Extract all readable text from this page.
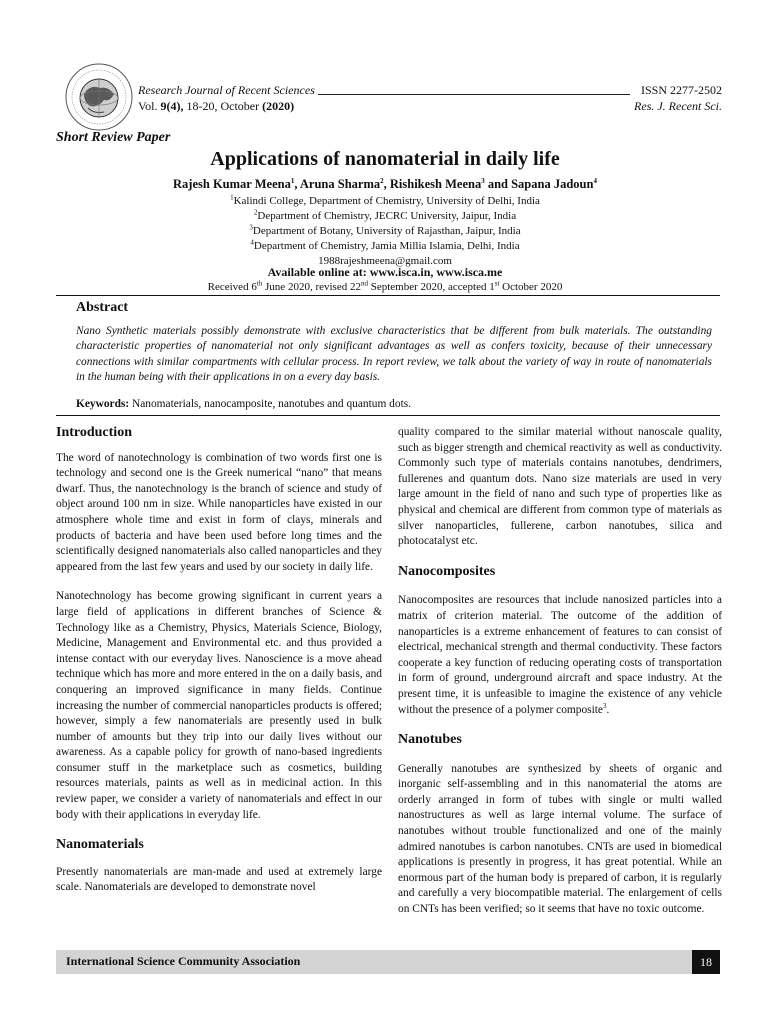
Research Journal of Recent Sciences
Vol. 9(4), 18-20, October (2020)
ISSN 2277-2502
Res. J. Recent Sci.
Short Review Paper
Applications of nanomaterial in daily life
Rajesh Kumar Meena$^1$, Aruna Sharma$^2$, Rishikesh Meena$^3$ and Sapana Jadoun$^4$
$^1$Kalindi College, Department of Chemistry, University of Delhi, India
$^2$Department of Chemistry, JECRC University, Jaipur, India
$^3$Department of Botany, University of Rajasthan, Jaipur, India
$^4$Department of Chemistry, Jamia Millia Islamia, Delhi, India
1988rajeshmeena@gmail.com
Available online at: www.isca.in, www.isca.me
Received 6th June 2020, revised 22nd September 2020, accepted 1st October 2020
Abstract
Nano Synthetic materials possibly demonstrate with exclusive characteristics that be different from bulk materials. The outstanding characteristic properties of nanomaterial not only significant advantages as well as confers toxicity, because of their unnecessary connections with similar compartments with cellular process. In report review, we talk about the variety of way in route of nanomaterials in the human being with their applications in on a every day basis.
Keywords: Nanomaterials, nanocamposite, nanotubes and quantum dots.
Introduction

The word of nanotechnology is combination of two words first one is technology and second one is the Greek numerical “nano” that means dwarf. Thus, the nanotechnology is the branch of science and study of object around 100 nm in size. While nanoparticles have existed in our atmosphere whole time and exist in form of clays, minerals and products of bacteria and have been used before long times and the scientifically designed nanomaterials also called nanoparticles and they appeared from the last few years and used by our society in daily life.

Nanotechnology has become growing significant in current years a large field of applications in different branches of Science & Technology like as a Chemistry, Physics, Materials Science, Biology, Medicine, Management and Environmental etc. and thus provided a intense contact with our everyday lives. Nanoscience is a move ahead technique which has more and more entered in the on a daily basis, and conquering an improved significance in many fields. Continue increasing the number of commercial nanoparticles products is offered; however, simply a few nanomaterials are presently used in bulk number of amounts but they trip into our daily lives without our awareness. As a capable policy for growth of nano-based ingredients consumer stuff in the marketplace such as cosmetics, building resources materials, paints as well as in medicinal action. In this review paper, we consider a variety of nanomaterials and effect in our body with their applications in everyday life.

Nanomaterials

Presently nanomaterials are man-made and used at extremely large scale. Nanomaterials are developed to demonstrate novel

quality compared to the similar material without nanoscale quality, such as bigger strength and chemical reactivity as well as conductivity. Commonly such type of materials contains nanotubes, dendrimers, fullerenes and quantum dots. Nano size materials are used in very large amount in the field of nano and such type of properties like as physical and chemical are different from common type of materials as silver nanoparticles, fullerene, carbon nanotubes, silica and photocatalyst etc.

Nanocomposites

Nanocomposites are resources that include nanosized particles into a matrix of criterion material. The outcome of the addition of nanoparticles is a extreme enhancement of features to can consist of electrical, mechanical strength and thermal conductivity. These factors cooperate a key function of reducing operating costs of transportation in form of ground, underground aircraft and space industry. At the present time, it is unfeasible to imagine the existence of any vehicle without the presence of a polymer composite$^3$.

Nanotubes

Generally nanotubes are synthesized by sheets of organic and inorganic self-assembling and in this nanomaterial the atoms are orderly arranged in form of tubes with single or multi walled nanostructures as well as large internal volume. The surface of nanotubes without trouble functionalized and one of the mainly admired nanotubes is carbon nanotubes. CNTs are used in biomedical applications is presently in progress, it has great potential. While an enormous part of the human body is prepared of carbon, it is regularly and carefully a very biocompatible material. The enlargement of cells on CNTs has been verified; so it seems that have no toxic outcome.

International Science Community Association	18
